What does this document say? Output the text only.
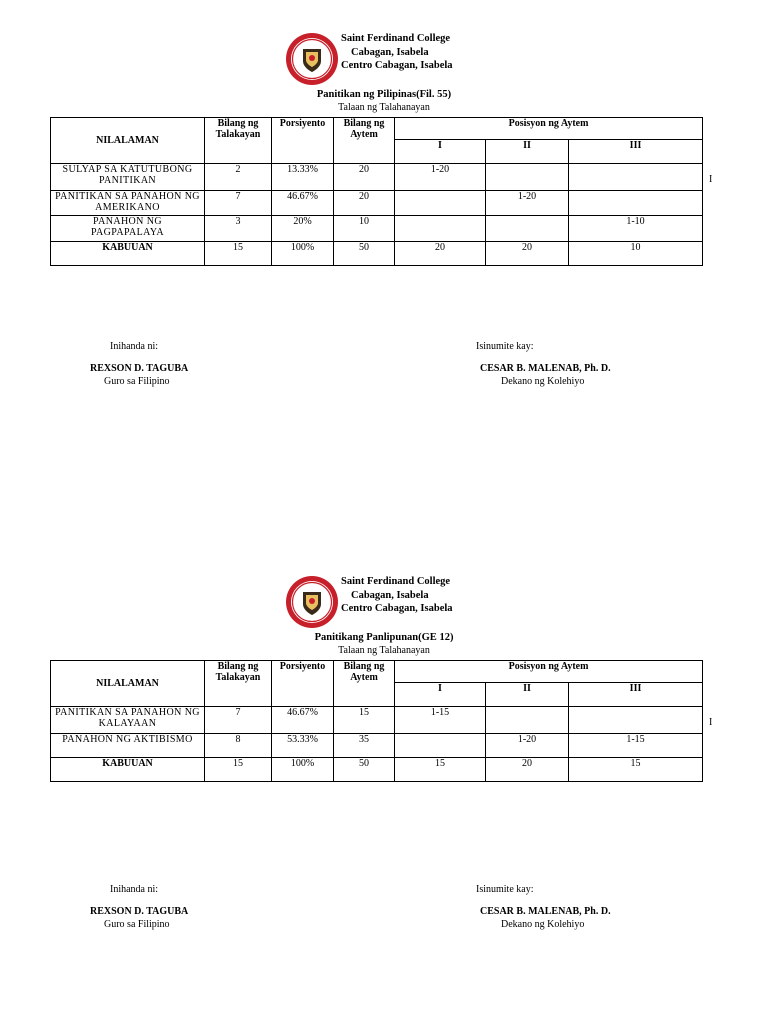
Saint Ferdinand College
Cabagan, Isabela
Centro Cabagan, Isabela
Panitikan ng Pilipinas(Fil. 55)
Talaan ng Talahanayan
NILALAMAN	Bilang ng Talakayan	Porsiyento	Bilang ng Aytem	Posisyon ng Aytem		
				I	II	III
SULYAP SA KATUTUBONG PANITIKAN	2	13.33%	20	1-20		
PANITIKAN SA PANAHON NG AMERIKANO	7	46.67%	20		1-20	
PANAHON NG PAGPAPALAYA	3	20%	10			1-10
KABUUAN	15	100%	50	20	20	10
I
Inihanda ni:
REXSON D. TAGUBA
Guro sa Filipino
Isinumite kay:
CESAR B. MALENAB, Ph. D.
Dekano ng Kolehiyo
Saint Ferdinand College
Cabagan, Isabela
Centro Cabagan, Isabela
Panitikang Panlipunan(GE 12)
Talaan ng Talahanayan
NILALAMAN	Bilang ng Talakayan	Porsiyento	Bilang ng Aytem	Posisyon ng Aytem		
				I	II	III
PANITIKAN SA PANAHON NG KALAYAAN	7	46.67%	15	1-15		
PANAHON NG AKTIBISMO	8	53.33%	35		1-20	1-15
KABUUAN	15	100%	50	15	20	15
I
Inihanda ni:
REXSON D. TAGUBA
Guro sa Filipino
Isinumite kay:
CESAR B. MALENAB, Ph. D.
Dekano ng Kolehiyo
